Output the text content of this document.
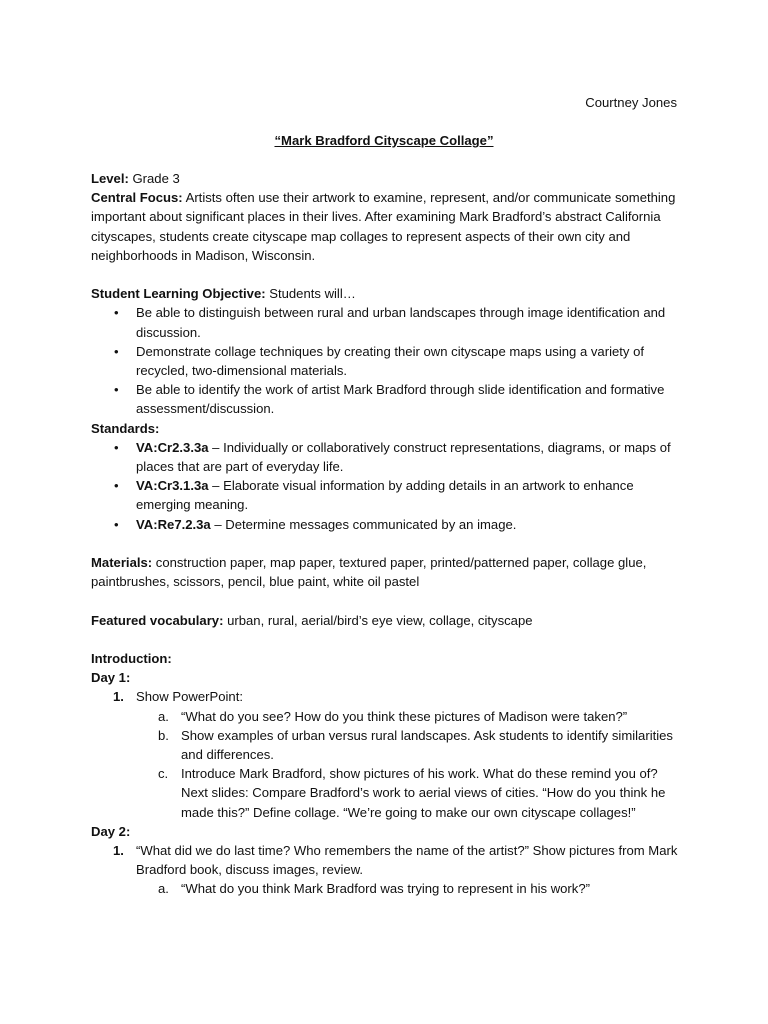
Courtney Jones
“Mark Bradford Cityscape Collage”

Level: Grade 3

Central Focus: Artists often use their artwork to examine, represent, and/or communicate something important about significant places in their lives. After examining Mark Bradford’s abstract California cityscapes, students create cityscape map collages to represent aspects of their own city and neighborhoods in Madison, Wisconsin.

Student Learning Objective: Students will…

• Be able to distinguish between rural and urban landscapes through image identification and discussion.
• Demonstrate collage techniques by creating their own cityscape maps using a variety of recycled, two-dimensional materials.
• Be able to identify the work of artist Mark Bradford through slide identification and formative assessment/discussion.

Standards:

• VA:Cr2.3.3a – Individually or collaboratively construct representations, diagrams, or maps of places that are part of everyday life.
• VA:Cr3.1.3a – Elaborate visual information by adding details in an artwork to enhance emerging meaning.
• VA:Re7.2.3a – Determine messages communicated by an image.

Materials: construction paper, map paper, textured paper, printed/patterned paper, collage glue, paintbrushes, scissors, pencil, blue paint, white oil pastel

Featured vocabulary: urban, rural, aerial/bird’s eye view, collage, cityscape

Introduction:

Day 1:

1. Show PowerPoint:
a. “What do you see? How do you think these pictures of Madison were taken?”
b. Show examples of urban versus rural landscapes. Ask students to identify similarities and differences.
c. Introduce Mark Bradford, show pictures of his work. What do these remind you of? Next slides: Compare Bradford’s work to aerial views of cities. “How do you think he made this?” Define collage. “We’re going to make our own cityscape collages!”

Day 2:

1. “What did we do last time? Who remembers the name of the artist?” Show pictures from Mark Bradford book, discuss images, review.
a. “What do you think Mark Bradford was trying to represent in his work?”
